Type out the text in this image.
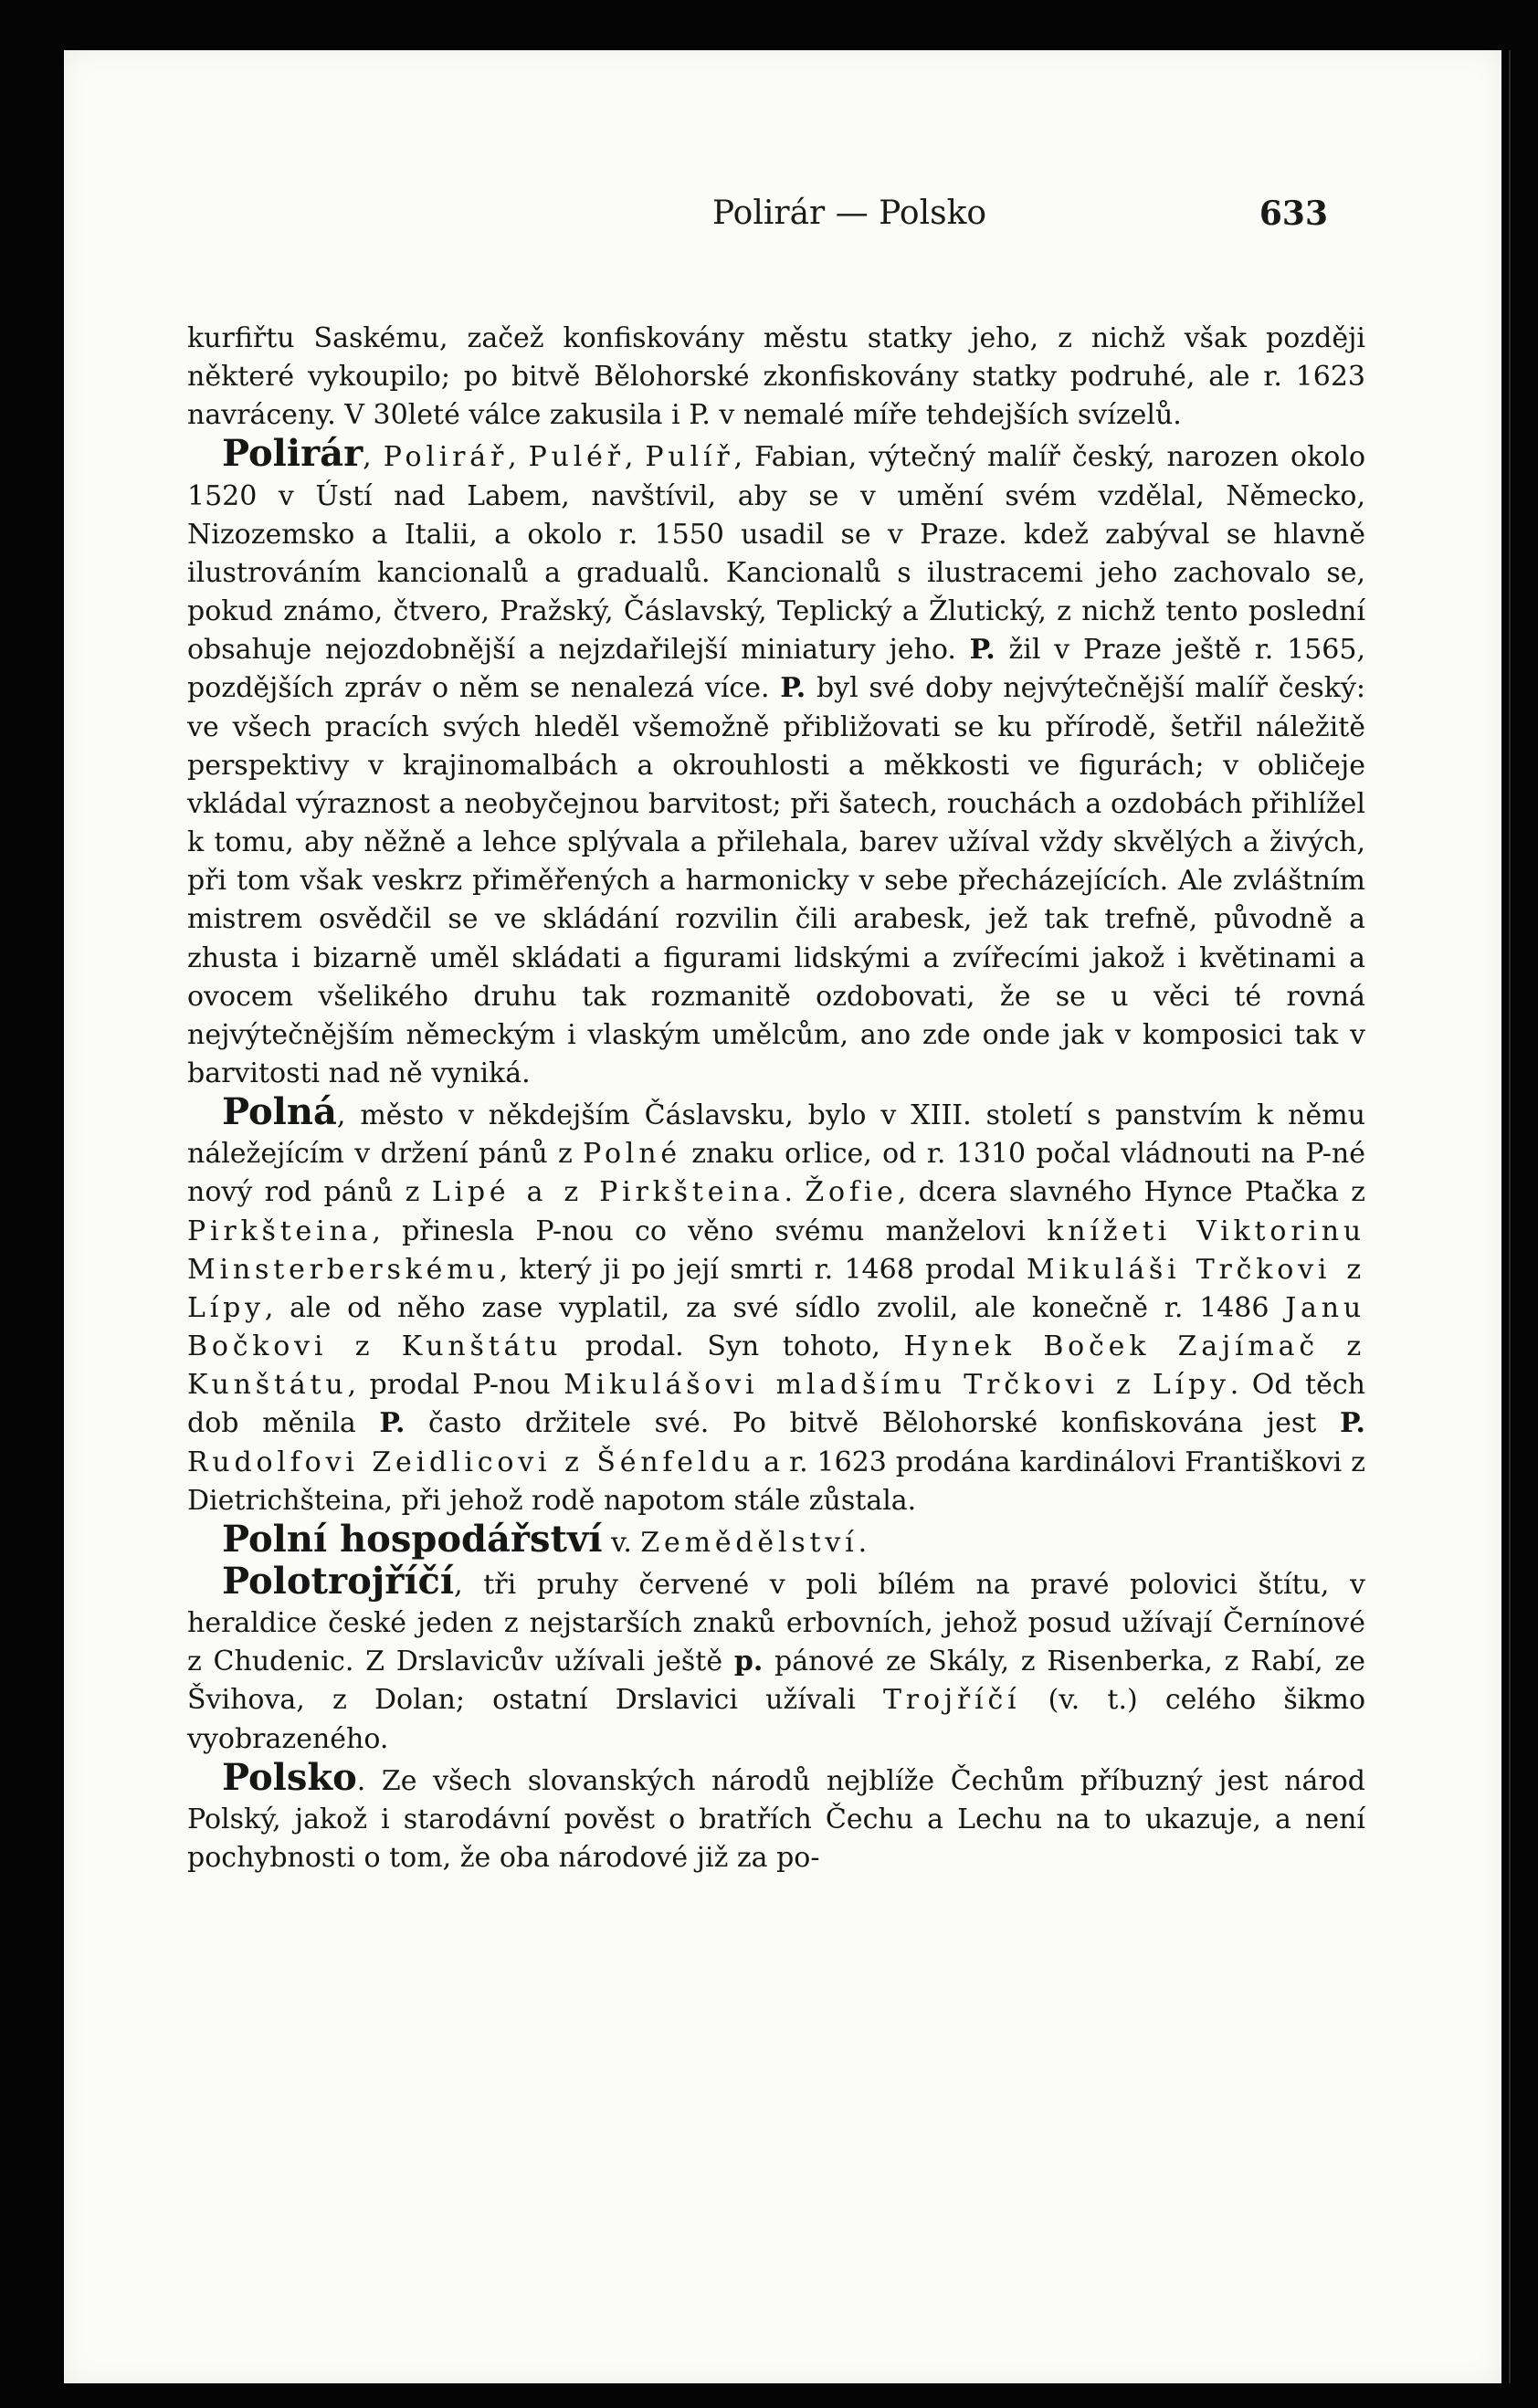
Polirár — Polsko	633

kurfiřtu Saskému, začež konfiskovány městu statky jeho, z nichž však později některé vykoupilo; po bitvě Bělohorské zkonfiskovány statky podruhé, ale r. 1623 navráceny. V 30leté válce zakusila i P. v nemalé míře tehdejších svízelů.

Polirár, Polirář, Puléř, Pulíř, Fabian, výtečný malíř český, narozen okolo 1520 v Ústí nad Labem, navštívil, aby se v umění svém vzdělal, Německo, Nizozemsko a Italii, a okolo r. 1550 usadil se v Praze. kdež zabýval se hlavně ilustrováním kancionalů a gradualů. Kancionalů s ilustracemi jeho zachovalo se, pokud známo, čtvero, Pražský, Čáslavský, Teplický a Žlutický, z nichž tento poslední obsahuje nejozdobnější a nejzdařilejší miniatury jeho. P. žil v Praze ještě r. 1565, pozdějších zpráv o něm se nenalezá více. P. byl své doby nejvýtečnější malíř český: ve všech pracích svých hleděl všemožně přibližovati se ku přírodě, šetřil náležitě perspektivy v krajinomalbách a okrouhlosti a měkkosti ve figurách; v obličeje vkládal výraznost a neobyčejnou barvitost; při šatech, rouchách a ozdobách přihlížel k tomu, aby něžně a lehce splývala a přilehala, barev užíval vždy skvělých a živých, při tom však veskrz přiměřených a harmonicky v sebe přecházejících. Ale zvláštním mistrem osvědčil se ve skládání rozvilin čili arabesk, jež tak trefně, původně a zhusta i bizarně uměl skládati a figurami lidskými a zvířecími jakož i květinami a ovocem všelikého druhu tak rozmanitě ozdobovati, že se u věci té rovná nejvýtečnějším německým i vlaským umělcům, ano zde onde jak v komposici tak v barvitosti nad ně vyniká.

Polná, město v někdejším Čáslavsku, bylo v XIII. století s panstvím k němu náležejícím v držení pánů z Polné znaku orlice, od r. 1310 počal vládnouti na P-né nový rod pánů z Lipé a z Pirkšteina. Žofie, dcera slavného Hynce Ptačka z Pirkšteina, přinesla P-nou co věno svému manželovi knížeti Viktorinu Minsterberskému, který ji po její smrti r. 1468 prodal Mikuláši Trčkovi z Lípy, ale od něho zase vyplatil, za své sídlo zvolil, ale konečně r. 1486 Janu Bočkovi z Kunštátu prodal. Syn tohoto, Hynek Boček Zajímač z Kunštátu, prodal P-nou Mikulášovi mladšímu Trčkovi z Lípy. Od těch dob měnila P. často držitele své. Po bitvě Bělohorské konfiskována jest P. Rudolfovi Zeidlicovi z Šénfeldu a r. 1623 prodána kardinálovi Františkovi z Dietrichšteina, při jehož rodě napotom stále zůstala.

Polní hospodářství v. Zemědělství.

Polotrojříčí, tři pruhy červené v poli bílém na pravé polovici štítu, v heraldice české jeden z nejstarších znaků erbovních, jehož posud užívají Černínové z Chudenic. Z Drslavicův užívali ještě p. pánové ze Skály, z Risenberka, z Rabí, ze Švihova, z Dolan; ostatní Drslavici užívali Trojříčí (v. t.) celého šikmo vyobrazeného.

Polsko. Ze všech slovanských národů nejblíže Čechům příbuzný jest národ Polský, jakož i starodávní pověst o bratřích Čechu a Lechu na to ukazuje, a není pochybnosti o tom, že oba národové již za po-
